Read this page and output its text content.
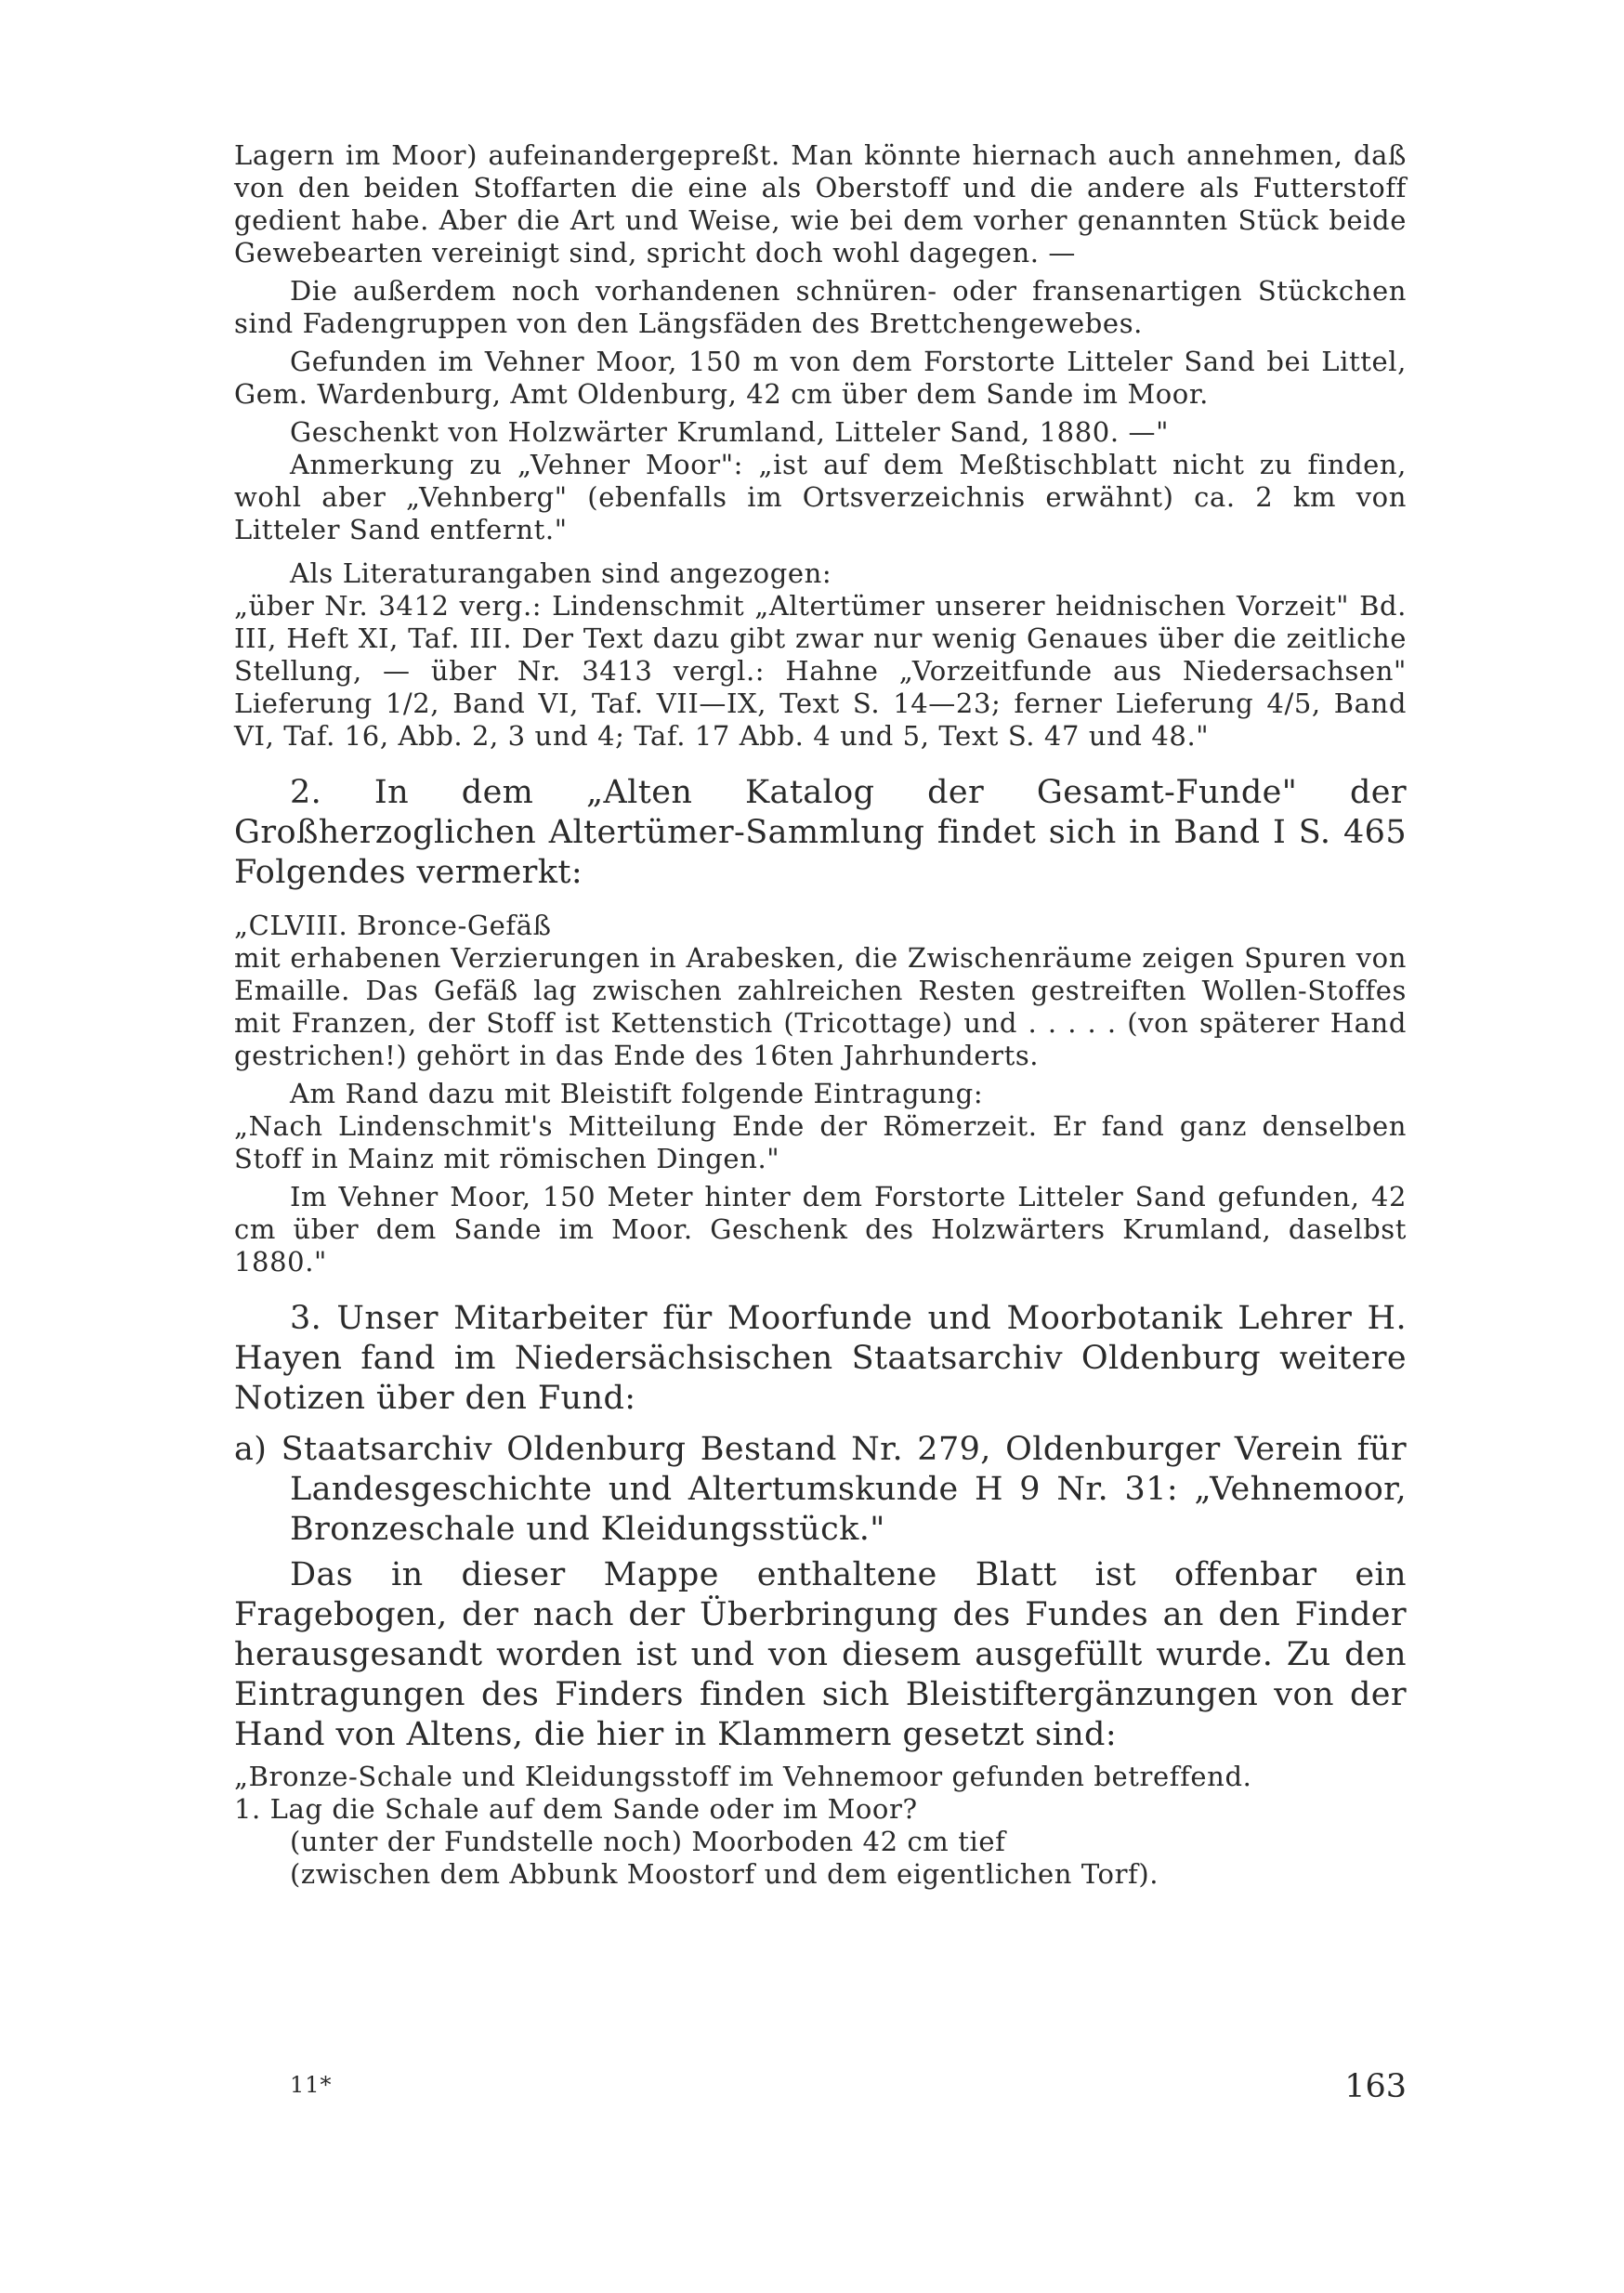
Lagern im Moor) aufeinandergepreßt. Man könnte hiernach auch annehmen, daß von den beiden Stoffarten die eine als Oberstoff und die andere als Futterstoff gedient habe. Aber die Art und Weise, wie bei dem vorher genannten Stück beide Gewebearten vereinigt sind, spricht doch wohl dagegen. —

Die außerdem noch vorhandenen schnüren- oder fransenartigen Stückchen sind Fadengruppen von den Längsfäden des Brettchengewebes.

Gefunden im Vehner Moor, 150 m von dem Forstorte Litteler Sand bei Littel, Gem. Wardenburg, Amt Oldenburg, 42 cm über dem Sande im Moor.

Geschenkt von Holzwärter Krumland, Litteler Sand, 1880. —"

Anmerkung zu „Vehner Moor": „ist auf dem Meßtischblatt nicht zu finden, wohl aber „Vehnberg" (ebenfalls im Ortsverzeichnis erwähnt) ca. 2 km von Litteler Sand entfernt."

Als Literaturangaben sind angezogen:

„über Nr. 3412 verg.: Lindenschmit „Altertümer unserer heidnischen Vorzeit" Bd. III, Heft XI, Taf. III. Der Text dazu gibt zwar nur wenig Genaues über die zeitliche Stellung, — über Nr. 3413 vergl.: Hahne „Vorzeitfunde aus Niedersachsen" Lieferung 1/2, Band VI, Taf. VII—IX, Text S. 14—23; ferner Lieferung 4/5, Band VI, Taf. 16, Abb. 2, 3 und 4; Taf. 17 Abb. 4 und 5, Text S. 47 und 48."

2. In dem „Alten Katalog der Gesamt-Funde" der Großherzoglichen Altertümer-Sammlung findet sich in Band I S. 465 Folgendes vermerkt:

„CLVIII. Bronce-Gefäß

mit erhabenen Verzierungen in Arabesken, die Zwischenräume zeigen Spuren von Emaille. Das Gefäß lag zwischen zahlreichen Resten gestreiften Wollen-Stoffes mit Franzen, der Stoff ist Kettenstich (Tricottage) und . . . . . (von späterer Hand gestrichen!) gehört in das Ende des 16ten Jahrhunderts.

Am Rand dazu mit Bleistift folgende Eintragung:

„Nach Lindenschmit's Mitteilung Ende der Römerzeit. Er fand ganz denselben Stoff in Mainz mit römischen Dingen."

Im Vehner Moor, 150 Meter hinter dem Forstorte Litteler Sand gefunden, 42 cm über dem Sande im Moor. Geschenk des Holzwärters Krumland, daselbst 1880."

3. Unser Mitarbeiter für Moorfunde und Moorbotanik Lehrer H. Hayen fand im Niedersächsischen Staatsarchiv Oldenburg weitere Notizen über den Fund:

a) Staatsarchiv Oldenburg Bestand Nr. 279, Oldenburger Verein für Landesgeschichte und Altertumskunde H 9 Nr. 31: „Vehnemoor, Bronzeschale und Kleidungsstück."

Das in dieser Mappe enthaltene Blatt ist offenbar ein Fragebogen, der nach der Überbringung des Fundes an den Finder herausgesandt worden ist und von diesem ausgefüllt wurde. Zu den Eintragungen des Finders finden sich Bleistiftergänzungen von der Hand von Altens, die hier in Klammern gesetzt sind:

„Bronze-Schale und Kleidungsstoff im Vehnemoor gefunden betreffend.
1. Lag die Schale auf dem Sande oder im Moor?
(unter der Fundstelle noch) Moorboden 42 cm tief
(zwischen dem Abbunk Moostorf und dem eigentlichen Torf).
11*	163
